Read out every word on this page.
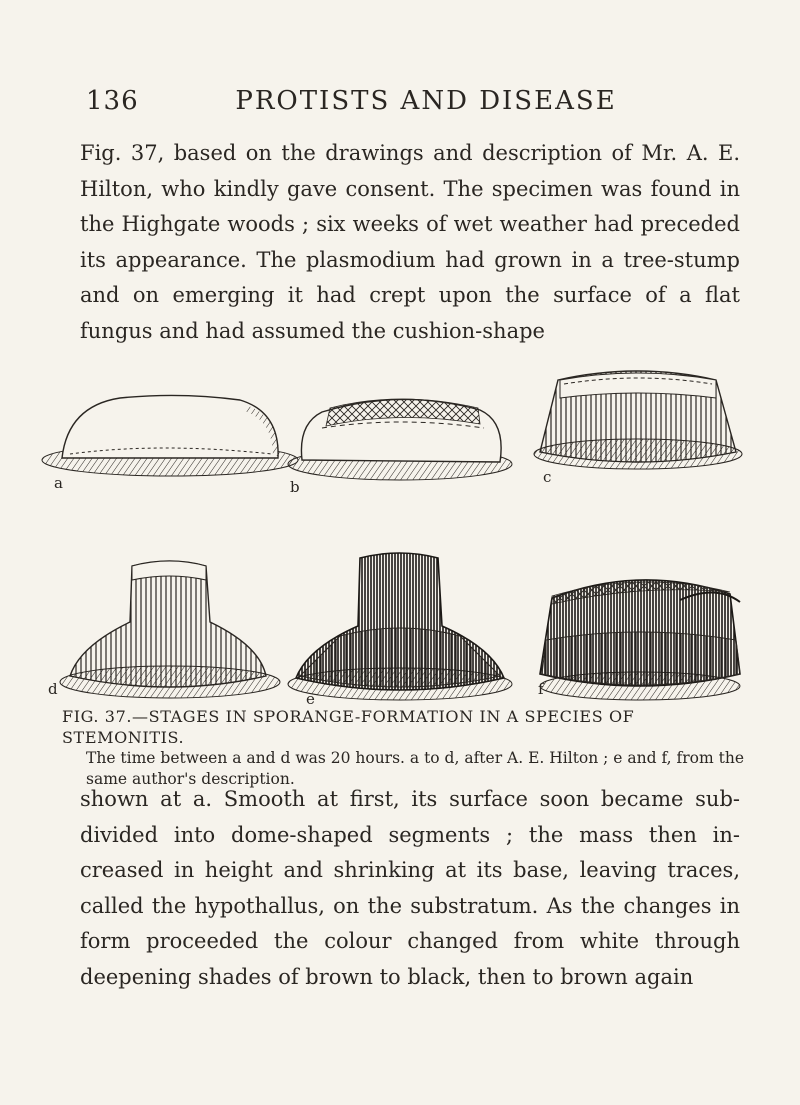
136	PROTISTS AND DISEASE

Fig. 37, based on the drawings and description of Mr. A. E. Hilton, who kindly gave consent. The specimen was found in the Highgate woods ; six weeks of wet weather had preceded its appearance. The plasmodium had grown in a tree-stump and on emerging it had crept upon the surface of a flat fungus and had assumed the cushion-shape

a	b
c
d
e
f
FIG. 37.—STAGES IN SPORANGE-FORMATION IN A SPECIES OF STEMONITIS.
The time between a and d was 20 hours. a to d, after A. E. Hilton ; e and f, from the same author's description.

shown at a. Smooth at first, its surface soon became sub-divided into dome-shaped segments ; the mass then in-creased in height and shrinking at its base, leaving traces, called the hypothallus, on the substratum. As the changes in form proceeded the colour changed from white through deepening shades of brown to black, then to brown again
